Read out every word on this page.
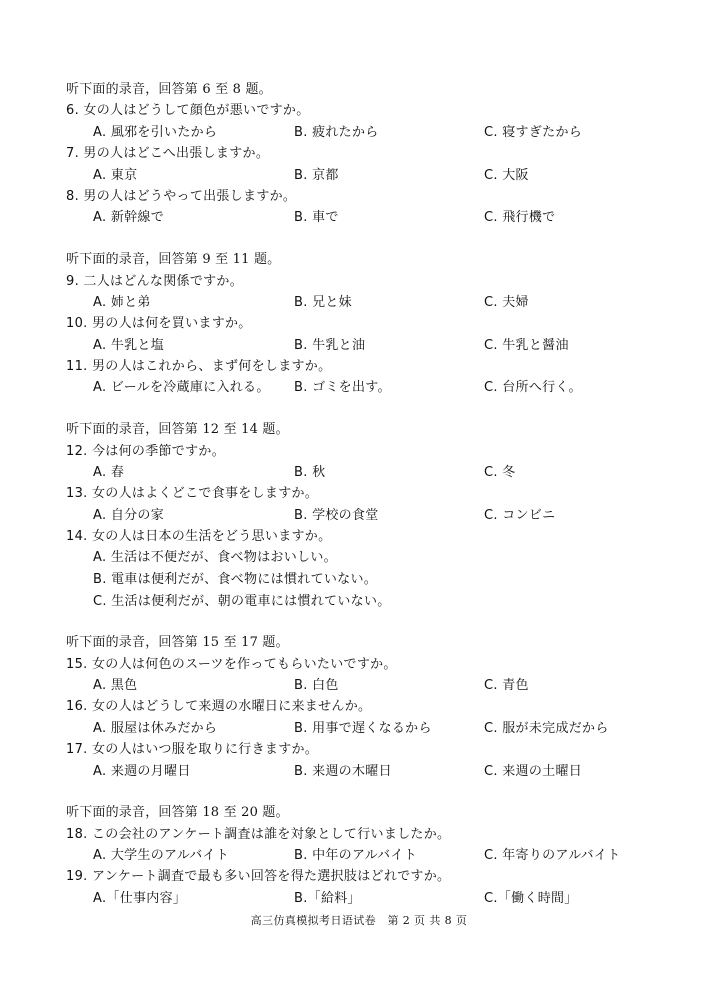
听下面的录音，回答第 6 至 8 题。
6. 女の人はどうして顔色が悪いですか。
A. 風邪を引いたから	B. 疲れたから	C. 寝すぎたから
7. 男の人はどこへ出張しますか。
A. 東京	B. 京都	C. 大阪
8. 男の人はどうやって出張しますか。
A. 新幹線で	B. 車で	C. 飛行機で
听下面的录音，回答第 9 至 11 题。
9. 二人はどんな関係ですか。
A. 姉と弟	B. 兄と妹	C. 夫婦
10. 男の人は何を買いますか。
A. 牛乳と塩	B. 牛乳と油	C. 牛乳と醤油
11. 男の人はこれから、まず何をしますか。
A. ビールを冷蔵庫に入れる。 B. ゴミを出す。	C. 台所へ行く。
听下面的录音，回答第 12 至 14 题。
12. 今は何の季節ですか。
A. 春	B. 秋	C. 冬
13. 女の人はよくどこで食事をしますか。
A. 自分の家	B. 学校の食堂	C. コンビニ
14. 女の人は日本の生活をどう思いますか。
A. 生活は不便だが、食べ物はおいしい。
B. 電車は便利だが、食べ物には慣れていない。
C. 生活は便利だが、朝の電車には慣れていない。
听下面的录音，回答第 15 至 17 题。
15. 女の人は何色のスーツを作ってもらいたいですか。
A. 黒色	B. 白色	C. 青色
16. 女の人はどうして来週の水曜日に来ませんか。
A. 服屋は休みだから	B. 用事で遅くなるから	C. 服が未完成だから
17. 女の人はいつ服を取りに行きますか。
A. 来週の月曜日	B. 来週の木曜日	C. 来週の土曜日
听下面的录音，回答第 18 至 20 题。
18. この会社のアンケート調査は誰を対象として行いましたか。
A. 大学生のアルバイト	B. 中年のアルバイト	C. 年寄りのアルバイト
19. アンケート調査で最も多い回答を得た選択肢はどれですか。
A.「仕事内容」	B.「給料」	C.「働く時間」
高三仿真模拟考日语试卷　第 2 页 共 8 页
